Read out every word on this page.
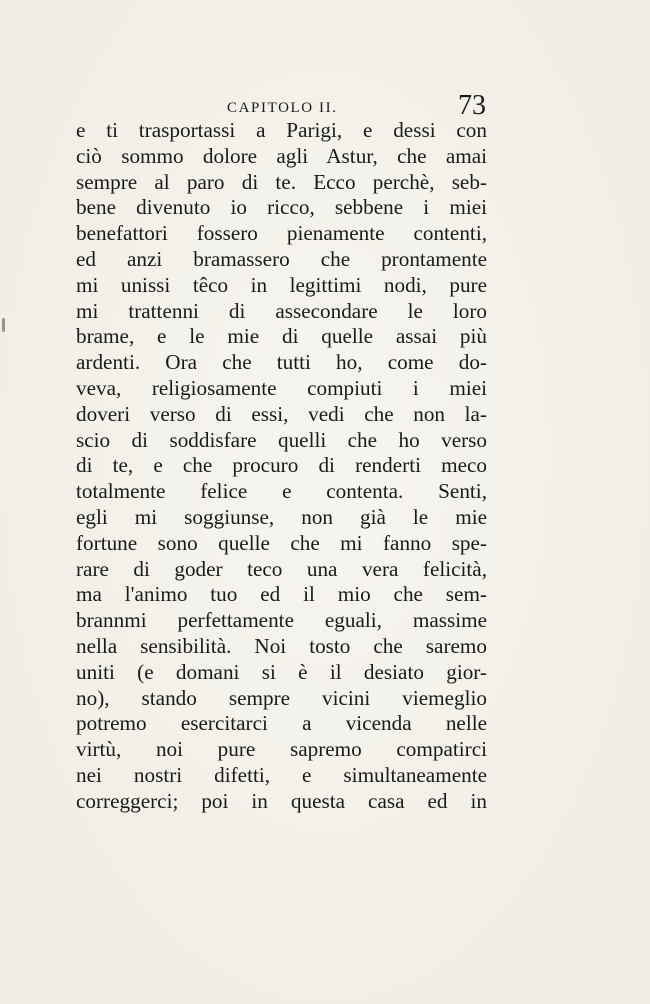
CAPITOLO II.	73
e ti trasportassi a Parigi, e dessi con
ciò sommo dolore agli Astur, che amai
sempre al paro di te. Ecco perchè, seb-
bene divenuto io ricco, sebbene i miei
benefattori fossero pienamente contenti,
ed anzi bramassero che prontamente
mi unissi têco in legittimi nodi, pure
mi trattenni di assecondare le loro
brame, e le mie di quelle assai più
ardenti. Ora che tutti ho, come do-
veva, religiosamente compiuti i miei
doveri verso di essi, vedi che non la-
scio di soddisfare quelli che ho verso
di te, e che procuro di renderti meco
totalmente felice e contenta. Senti,
egli mi soggiunse, non già le mie
fortune sono quelle che mi fanno spe-
rare di goder teco una vera felicità,
ma l'animo tuo ed il mio che sem-
brannmi perfettamente eguali, massime
nella sensibilità. Noi tosto che saremo
uniti (e domani si è il desiato gior-
no), stando sempre vicini viemeglio
potremo esercitarci a vicenda nelle
virtù, noi pure sapremo compatirci
nei nostri difetti, e simultaneamente
correggerci; poi in questa casa ed in
